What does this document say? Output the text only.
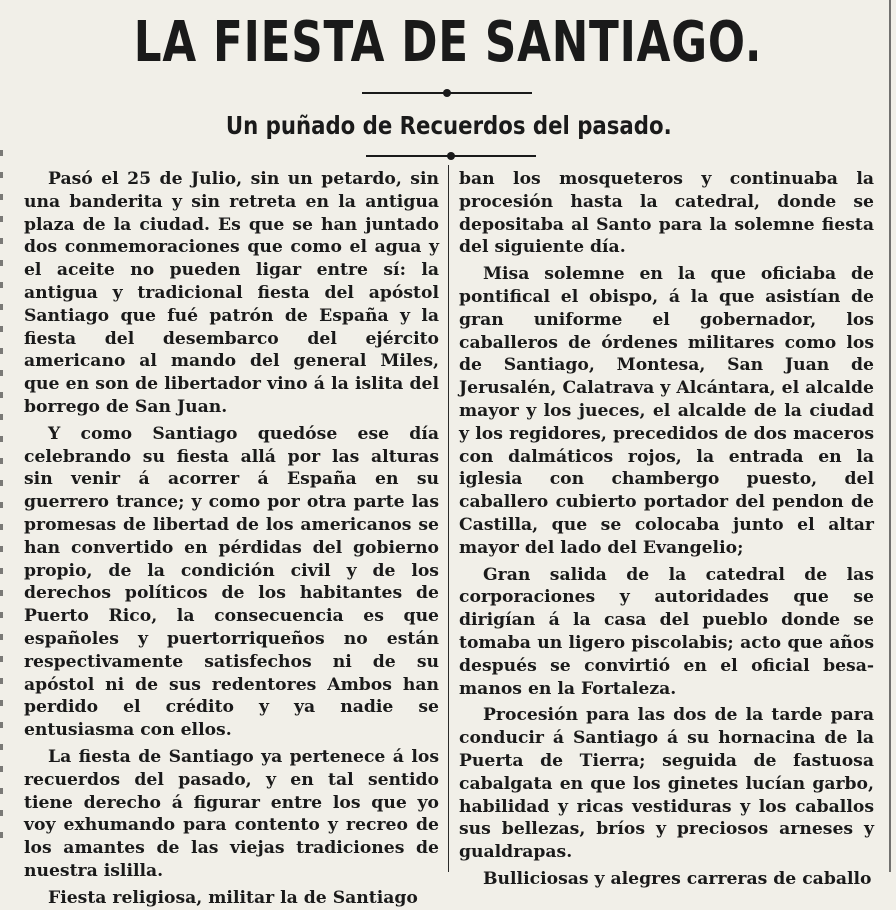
LA FIESTA DE SANTIAGO.
Un puñado de Recuerdos del pasado.

Pasó el 25 de Julio, sin un petardo, sin una banderita y sin retreta en la antigua plaza de la ciudad. Es que se han juntado dos conmemoraciones que como el agua y el aceite no pueden ligar entre sí: la antigua y tradicional fiesta del apóstol Santiago que fué patrón de España y la fiesta del desembarco del ejército americano al mando del general Miles, que en son de libertador vino á la islita del borrego de San Juan.

Y como Santiago quedóse ese día celebrando su fiesta allá por las alturas sin venir á acorrer á España en su guerrero trance; y como por otra parte las promesas de libertad de los americanos se han convertido en pérdidas del gobierno propio, de la condición civil y de los derechos políticos de los habitantes de Puerto Rico, la consecuencia es que españoles y puertorriqueños no están respectivamente satisfechos ni de su apóstol ni de sus redentores Ambos han perdido el crédito y ya nadie se entusiasma con ellos.

La fiesta de Santiago ya pertenece á los recuerdos del pasado, y en tal sentido tiene derecho á figurar entre los que yo voy exhumando para contento y recreo de los amantes de las viejas tradiciones de nuestra islilla.

Fiesta religiosa, militar la de Santiago

ban los mosqueteros y continuaba la procesión hasta la catedral, donde se depositaba al Santo para la solemne fiesta del siguiente día.

Misa solemne en la que oficiaba de pontifical el obispo, á la que asistían de gran uniforme el gobernador, los caballeros de órdenes militares como los de Santiago, Montesa, San Juan de Jerusalén, Calatrava y Alcántara, el alcalde mayor y los jueces, el alcalde de la ciudad y los regidores, precedidos de dos maceros con dalmáticos rojos, la entrada en la iglesia con chambergo puesto, del caballero cubierto portador del pendon de Castilla, que se colocaba junto el altar mayor del lado del Evangelio;

Gran salida de la catedral de las corporaciones y autoridades que se dirigían á la casa del pueblo donde se tomaba un ligero piscolabis; acto que años después se convirtió en el oficial besa-manos en la Fortaleza.

Procesión para las dos de la tarde para conducir á Santiago á su hornacina de la Puerta de Tierra; seguida de fastuosa cabalgata en que los ginetes lucían garbo, habilidad y ricas vestiduras y los caballos sus bellezas, bríos y preciosos arneses y gualdrapas.

Bulliciosas y alegres carreras de caballo
